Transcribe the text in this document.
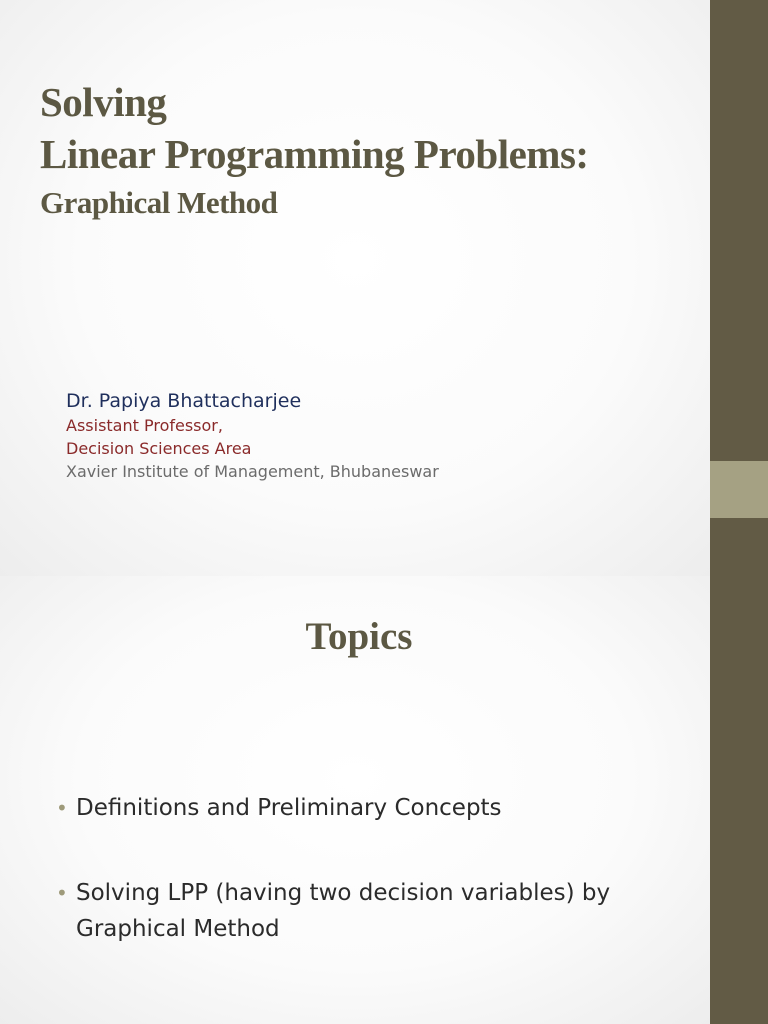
Solving
Linear Programming Problems:
Graphical Method
Dr. Papiya Bhattacharjee
Assistant Professor,
Decision Sciences Area
Xavier Institute of Management, Bhubaneswar
Topics
• Definitions and Preliminary Concepts
• Solving LPP (having two decision variables) by Graphical Method
